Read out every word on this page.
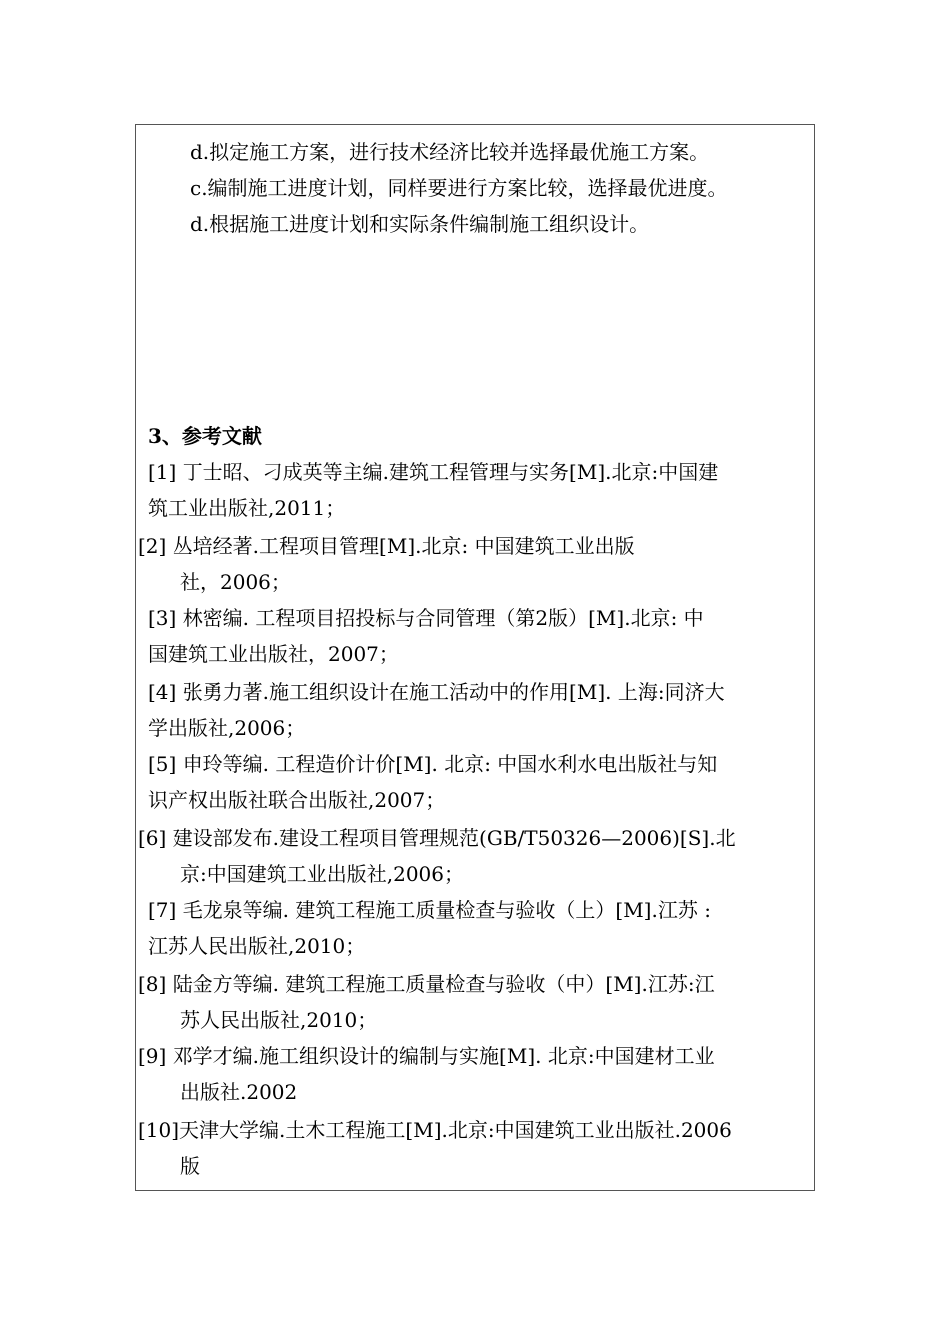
d.拟定施工方案，进行技术经济比较并选择最优施工方案。
c.编制施工进度计划，同样要进行方案比较，选择最优进度。
d.根据施工进度计划和实际条件编制施工组织设计。
3、参考文献
[1] 丁士昭、刁成英等主编.建筑工程管理与实务[M].北京:中国建
筑工业出版社,2011；
[2] 丛培经著.工程项目管理[M].北京: 中国建筑工业出版
社，2006；
[3] 林密编. 工程项目招投标与合同管理（第2版）[M].北京: 中
国建筑工业出版社，2007；
[4] 张勇力著.施工组织设计在施工活动中的作用[M]. 上海:同济大
学出版社,2006；
[5] 申玲等编. 工程造价计价[M]. 北京: 中国水利水电出版社与知
识产权出版社联合出版社,2007；
[6] 建设部发布.建设工程项目管理规范(GB/T50326—2006)[S].北
京:中国建筑工业出版社,2006；
[7] 毛龙泉等编. 建筑工程施工质量检查与验收（上）[M].江苏 :
江苏人民出版社,2010；
[8] 陆金方等编. 建筑工程施工质量检查与验收（中）[M].江苏:江
苏人民出版社,2010；
[9] 邓学才编.施工组织设计的编制与实施[M]. 北京:中国建材工业
出版社.2002
[10]天津大学编.土木工程施工[M].北京:中国建筑工业出版社.2006
版
